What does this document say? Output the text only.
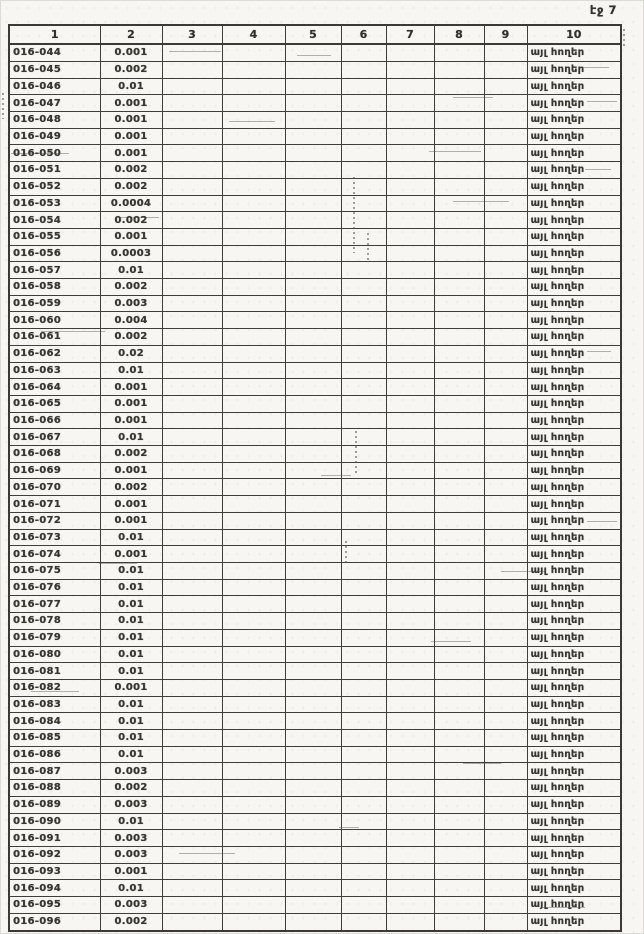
էջ 7
1	2	3	4	5	6	7	8	9	10
016-044	0.001								այլ հողեր
016-045	0.002								այլ հողեր
016-046	0.01								այլ հողեր
016-047	0.001								այլ հողեր
016-048	0.001								այլ հողեր
016-049	0.001								այլ հողեր
016-050	0.001								այլ հողեր
016-051	0.002								այլ հողեր
016-052	0.002								այլ հողեր
016-053	0.0004								այլ հողեր
016-054	0.002								այլ հողեր
016-055	0.001								այլ հողեր
016-056	0.0003								այլ հողեր
016-057	0.01								այլ հողեր
016-058	0.002								այլ հողեր
016-059	0.003								այլ հողեր
016-060	0.004								այլ հողեր
016-061	0.002								այլ հողեր
016-062	0.02								այլ հողեր
016-063	0.01								այլ հողեր
016-064	0.001								այլ հողեր
016-065	0.001								այլ հողեր
016-066	0.001								այլ հողեր
016-067	0.01								այլ հողեր
016-068	0.002								այլ հողեր
016-069	0.001								այլ հողեր
016-070	0.002								այլ հողեր
016-071	0.001								այլ հողեր
016-072	0.001								այլ հողեր
016-073	0.01								այլ հողեր
016-074	0.001								այլ հողեր
016-075	0.01								այլ հողեր
016-076	0.01								այլ հողեր
016-077	0.01								այլ հողեր
016-078	0.01								այլ հողեր
016-079	0.01								այլ հողեր
016-080	0.01								այլ հողեր
016-081	0.01								այլ հողեր
016-082	0.001								այլ հողեր
016-083	0.01								այլ հողեր
016-084	0.01								այլ հողեր
016-085	0.01								այլ հողեր
016-086	0.01								այլ հողեր
016-087	0.003								այլ հողեր
016-088	0.002								այլ հողեր
016-089	0.003								այլ հողեր
016-090	0.01								այլ հողեր
016-091	0.003								այլ հողեր
016-092	0.003								այլ հողեր
016-093	0.001								այլ հողեր
016-094	0.01								այլ հողեր
016-095	0.003								այլ հողեր
016-096	0.002								այլ հողեր
